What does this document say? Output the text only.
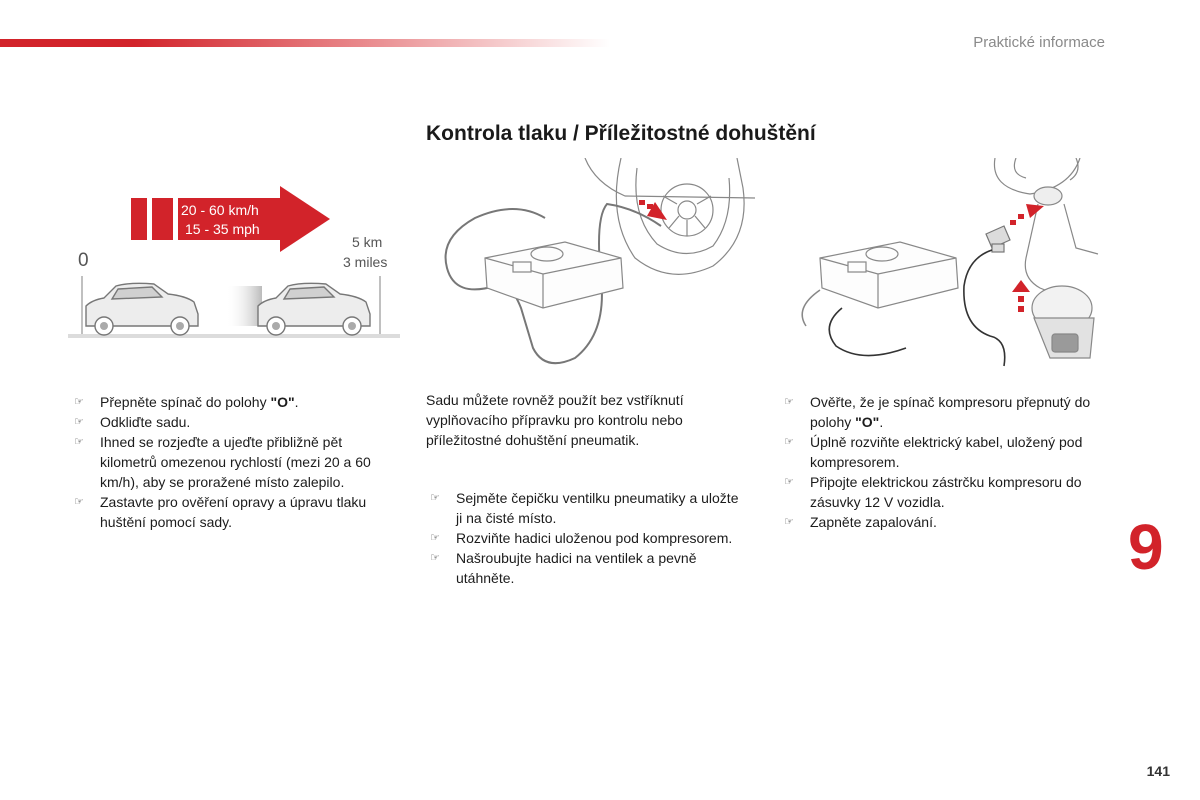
Praktické informace
Kontrola tlaku / Příležitostné dohuštění
20 - 60 km/h
15 - 35 mph
0
5 km
3 miles
☞ Přepněte spínač do polohy "O".
☞ Odkliďte sadu.
☞ Ihned se rozjeďte a ujeďte přibližně pět kilometrů omezenou rychlostí (mezi 20 a 60 km/h), aby se proražené místo zalepilo.
☞ Zastavte pro ověření opravy a úpravu tlaku huštění pomocí sady.
Sadu můžete rovněž použít bez vstříknutí vyplňovacího přípravku pro kontrolu nebo příležitostné dohuštění pneumatik.
☞ Sejměte čepičku ventilku pneumatiky a uložte ji na čisté místo.
☞ Rozviňte hadici uloženou pod kompresorem.
☞ Našroubujte hadici na ventilek a pevně utáhněte.
☞ Ověřte, že je spínač kompresoru přepnutý do polohy "O".
☞ Úplně rozviňte elektrický kabel, uložený pod kompresorem.
☞ Připojte elektrickou zástrčku kompresoru do zásuvky 12 V vozidla.
☞ Zapněte zapalování.	9
141
